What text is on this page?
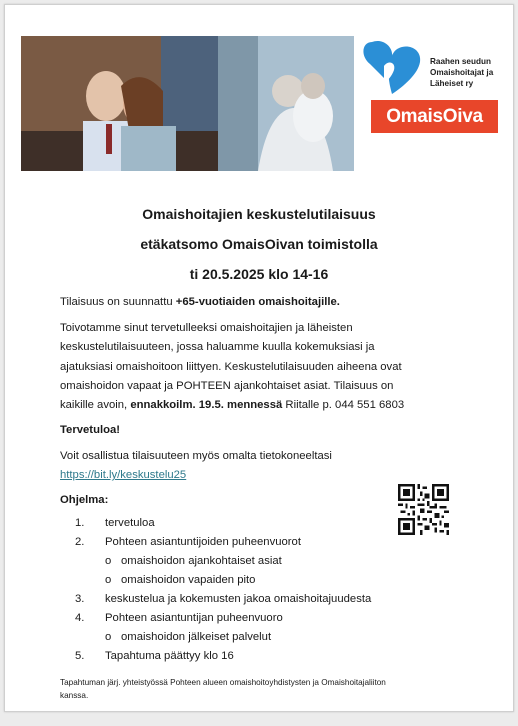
Raahen seudun
Omaishoitajat ja
Läheiset ry
OmaisOiva
Omaishoitajien keskustelutilaisuus
etäkatsomo OmaisOivan toimistolla
ti 20.5.2025 klo 14-16
Tilaisuus on suunnattu +65-vuotiaiden omaishoitajille.
Toivotamme sinut tervetulleeksi omaishoitajien ja läheisten
keskustelutilaisuuteen, jossa haluamme kuulla kokemuksiasi ja
ajatuksiasi omaishoitoon liittyen. Keskustelutilaisuuden aiheena ovat
omaishoidon vapaat ja POHTEEN ajankohtaiset asiat. Tilaisuus on
kaikille avoin, ennakkoilm. 19.5. mennessä Riitalle p. 044 551 6803
Tervetuloa!
Voit osallistua tilaisuuteen myös omalta tietokoneeltasi
https://bit.ly/keskustelu25
Ohjelma:
1. tervetuloa
2. Pohteen asiantuntijoiden puheenvuorot
o omaishoidon ajankohtaiset asiat
o omaishoidon vapaiden pito
3. keskustelua ja kokemusten jakoa omaishoitajuudesta
4. Pohteen asiantuntijan puheenvuoro
o omaishoidon jälkeiset palvelut
5. Tapahtuma päättyy klo 16
Tapahtuman järj. yhteistyössä Pohteen alueen omaishoitoyhdistysten ja Omaishoitajaliiton
kanssa.
